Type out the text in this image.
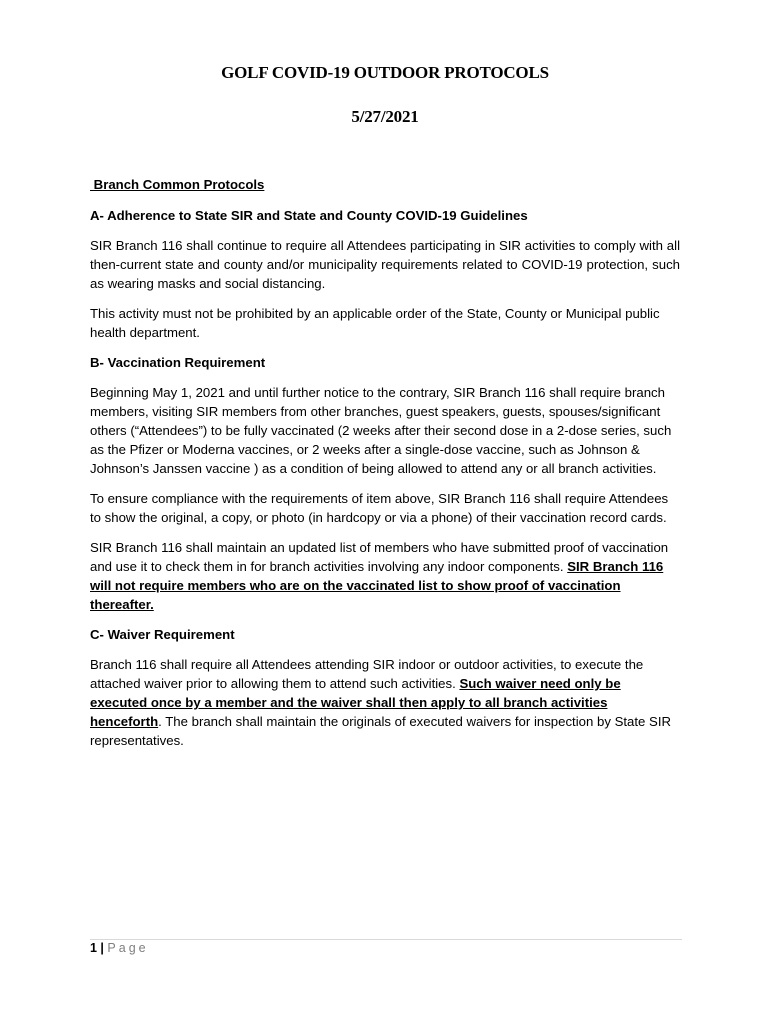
GOLF COVID-19 OUTDOOR PROTOCOLS
5/27/2021

Branch Common Protocols

A- Adherence to State SIR and State and County COVID-19 Guidelines

SIR Branch 116 shall continue to require all Attendees participating in SIR activities to comply with all then-current state and county and/or municipality requirements related to COVID-19 protection, such as wearing masks and social distancing.

This activity must not be prohibited by an applicable order of the State, County or Municipal public health department.

B- Vaccination Requirement

Beginning May 1, 2021 and until further notice to the contrary, SIR Branch 116 shall require branch members, visiting SIR members from other branches, guest speakers, guests, spouses/significant others (“Attendees”) to be fully vaccinated (2 weeks after their second dose in a 2-dose series, such as the Pfizer or Moderna vaccines, or 2 weeks after a single-dose vaccine, such as Johnson & Johnson’s Janssen vaccine ) as a condition of being allowed to attend any or all branch activities.

To ensure compliance with the requirements of item above, SIR Branch 116 shall require Attendees to show the original, a copy, or photo (in hardcopy or via a phone) of their vaccination record cards.

SIR Branch 116 shall maintain an updated list of members who have submitted proof of vaccination and use it to check them in for branch activities involving any indoor components. SIR Branch 116 will not require members who are on the vaccinated list to show proof of vaccination thereafter.

C- Waiver Requirement

Branch 116 shall require all Attendees attending SIR indoor or outdoor activities, to execute the attached waiver prior to allowing them to attend such activities. Such waiver need only be executed once by a member and the waiver shall then apply to all branch activities henceforth. The branch shall maintain the originals of executed waivers for inspection by State SIR representatives.

1 | Page
